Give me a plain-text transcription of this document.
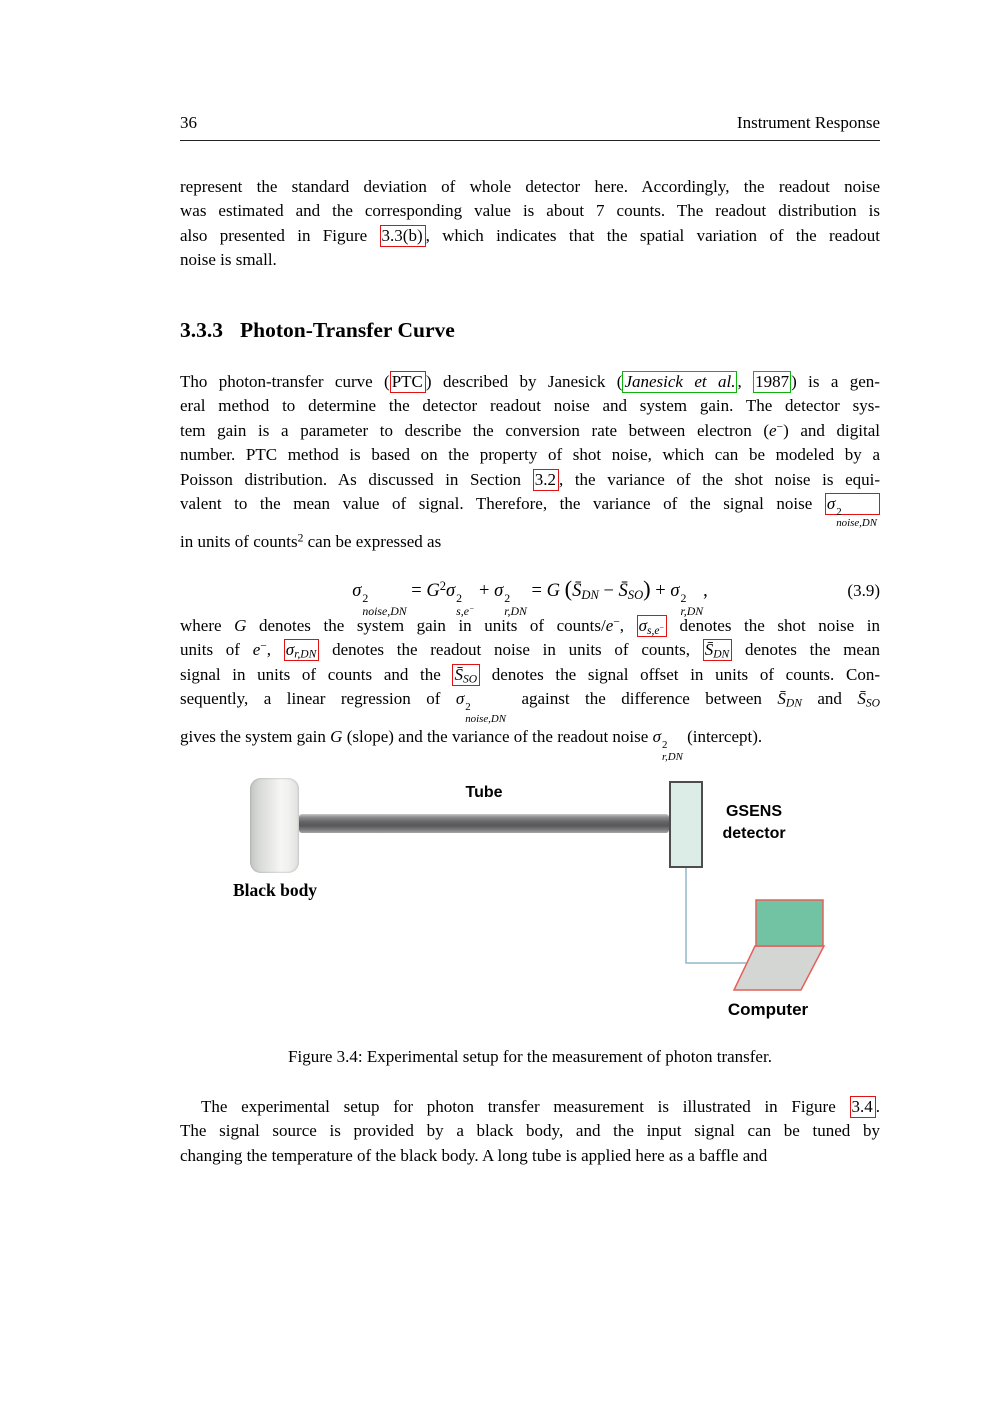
36	Instrument Response
represent the standard deviation of whole detector here. Accordingly, the readout noise
was estimated and the corresponding value is about 7 counts. The readout distribution is
also presented in Figure 3.3(b) , which indicates that the spatial variation of the readout
noise is small.
3.3.3 Photon-Transfer Curve
Tho photon-transfer curve ( PTC ) described by Janesick ( Janesick et al. , 1987 ) is a gen-
eral method to determine the detector readout noise and system gain. The detector sys-
tem gain is a parameter to describe the conversion rate between electron (e−) and digital
number. PTC method is based on the property of shot noise, which can be modeled by a
Poisson distribution. As discussed in Section 3.2 , the variance of the shot noise is equi-
valent to the mean value of signal. Therefore, the variance of the signal noise σ 2
noise,DN
in units of counts$^2$ can be expressed as
σ 2
noise,DN
= $G^2\sigma$ 2
s,e−
+ σ 2
r,DN
= G ($S̄_{DN}$ − $S̄_{SO}) + \sigma$ 2
r,DN
,	(3.9)
where G denotes the system gain in units of counts/e−, $\sigma_{s,e^-}$ denotes the shot noise in
units of e−, $\sigma_{r,DN}$ denotes the readout noise in units of counts, $S̄_{DN}$ denotes the mean
signal in units of counts and the $S̄_{SO}$ denotes the signal offset in units of counts. Con-
sequently, a linear regression of σ 2
noise,DN
against the difference between $S̄_{DN}$ and $S̄_{SO}$
gives the system gain G (slope) and the variance of the readout noise σ 2
r,DN
(intercept).
Tube
Black body
GSENS
detector
Computer
Figure 3.4: Experimental setup for the measurement of photon transfer.
The experimental setup for photon transfer measurement is illustrated in Figure 3.4 .
The signal source is provided by a black body, and the input signal can be tuned by
changing the temperature of the black body. A long tube is applied here as a baffle and
